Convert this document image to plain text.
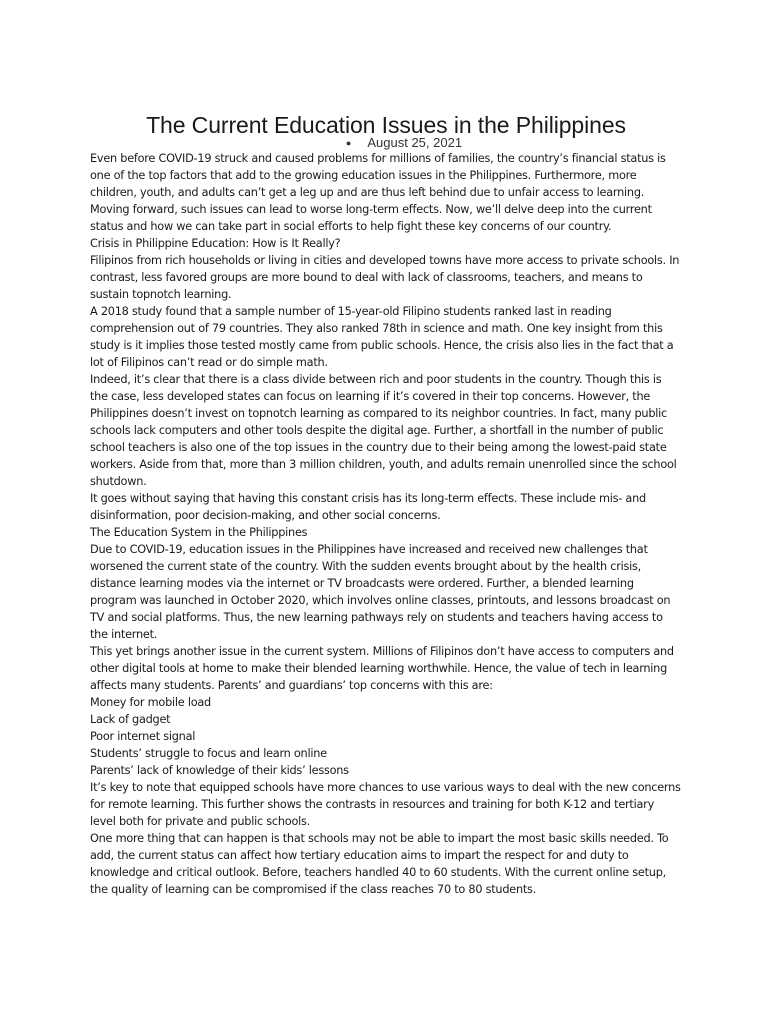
The Current Education Issues in the Philippines
● August 25, 2021

Even before COVID-19 struck and caused problems for millions of families, the country’s financial status is one of the top factors that add to the growing education issues in the Philippines. Furthermore, more children, youth, and adults can’t get a leg up and are thus left behind due to unfair access to learning. Moving forward, such issues can lead to worse long-term effects. Now, we’ll delve deep into the current status and how we can take part in social efforts to help fight these key concerns of our country.

Crisis in Philippine Education: How is It Really?

Filipinos from rich households or living in cities and developed towns have more access to private schools. In contrast, less favored groups are more bound to deal with lack of classrooms, teachers, and means to sustain topnotch learning.

A 2018 study found that a sample number of 15-year-old Filipino students ranked last in reading comprehension out of 79 countries. They also ranked 78th in science and math. One key insight from this study is it implies those tested mostly came from public schools. Hence, the crisis also lies in the fact that a lot of Filipinos can’t read or do simple math.

Indeed, it’s clear that there is a class divide between rich and poor students in the country. Though this is the case, less developed states can focus on learning if it’s covered in their top concerns. However, the Philippines doesn’t invest on topnotch learning as compared to its neighbor countries. In fact, many public schools lack computers and other tools despite the digital age. Further, a shortfall in the number of public school teachers is also one of the top issues in the country due to their being among the lowest-paid state workers. Aside from that, more than 3 million children, youth, and adults remain unenrolled since the school shutdown.

It goes without saying that having this constant crisis has its long-term effects. These include mis- and disinformation, poor decision-making, and other social concerns.

The Education System in the Philippines

Due to COVID-19, education issues in the Philippines have increased and received new challenges that worsened the current state of the country. With the sudden events brought about by the health crisis, distance learning modes via the internet or TV broadcasts were ordered. Further, a blended learning program was launched in October 2020, which involves online classes, printouts, and lessons broadcast on TV and social platforms. Thus, the new learning pathways rely on students and teachers having access to the internet.

This yet brings another issue in the current system. Millions of Filipinos don’t have access to computers and other digital tools at home to make their blended learning worthwhile. Hence, the value of tech in learning affects many students. Parents’ and guardians’ top concerns with this are:

Money for mobile load

Lack of gadget

Poor internet signal

Students’ struggle to focus and learn online

Parents’ lack of knowledge of their kids’ lessons

It’s key to note that equipped schools have more chances to use various ways to deal with the new concerns for remote learning. This further shows the contrasts in resources and training for both K-12 and tertiary level both for private and public schools.

One more thing that can happen is that schools may not be able to impart the most basic skills needed. To add, the current status can affect how tertiary education aims to impart the respect for and duty to knowledge and critical outlook. Before, teachers handled 40 to 60 students. With the current online setup, the quality of learning can be compromised if the class reaches 70 to 80 students.
